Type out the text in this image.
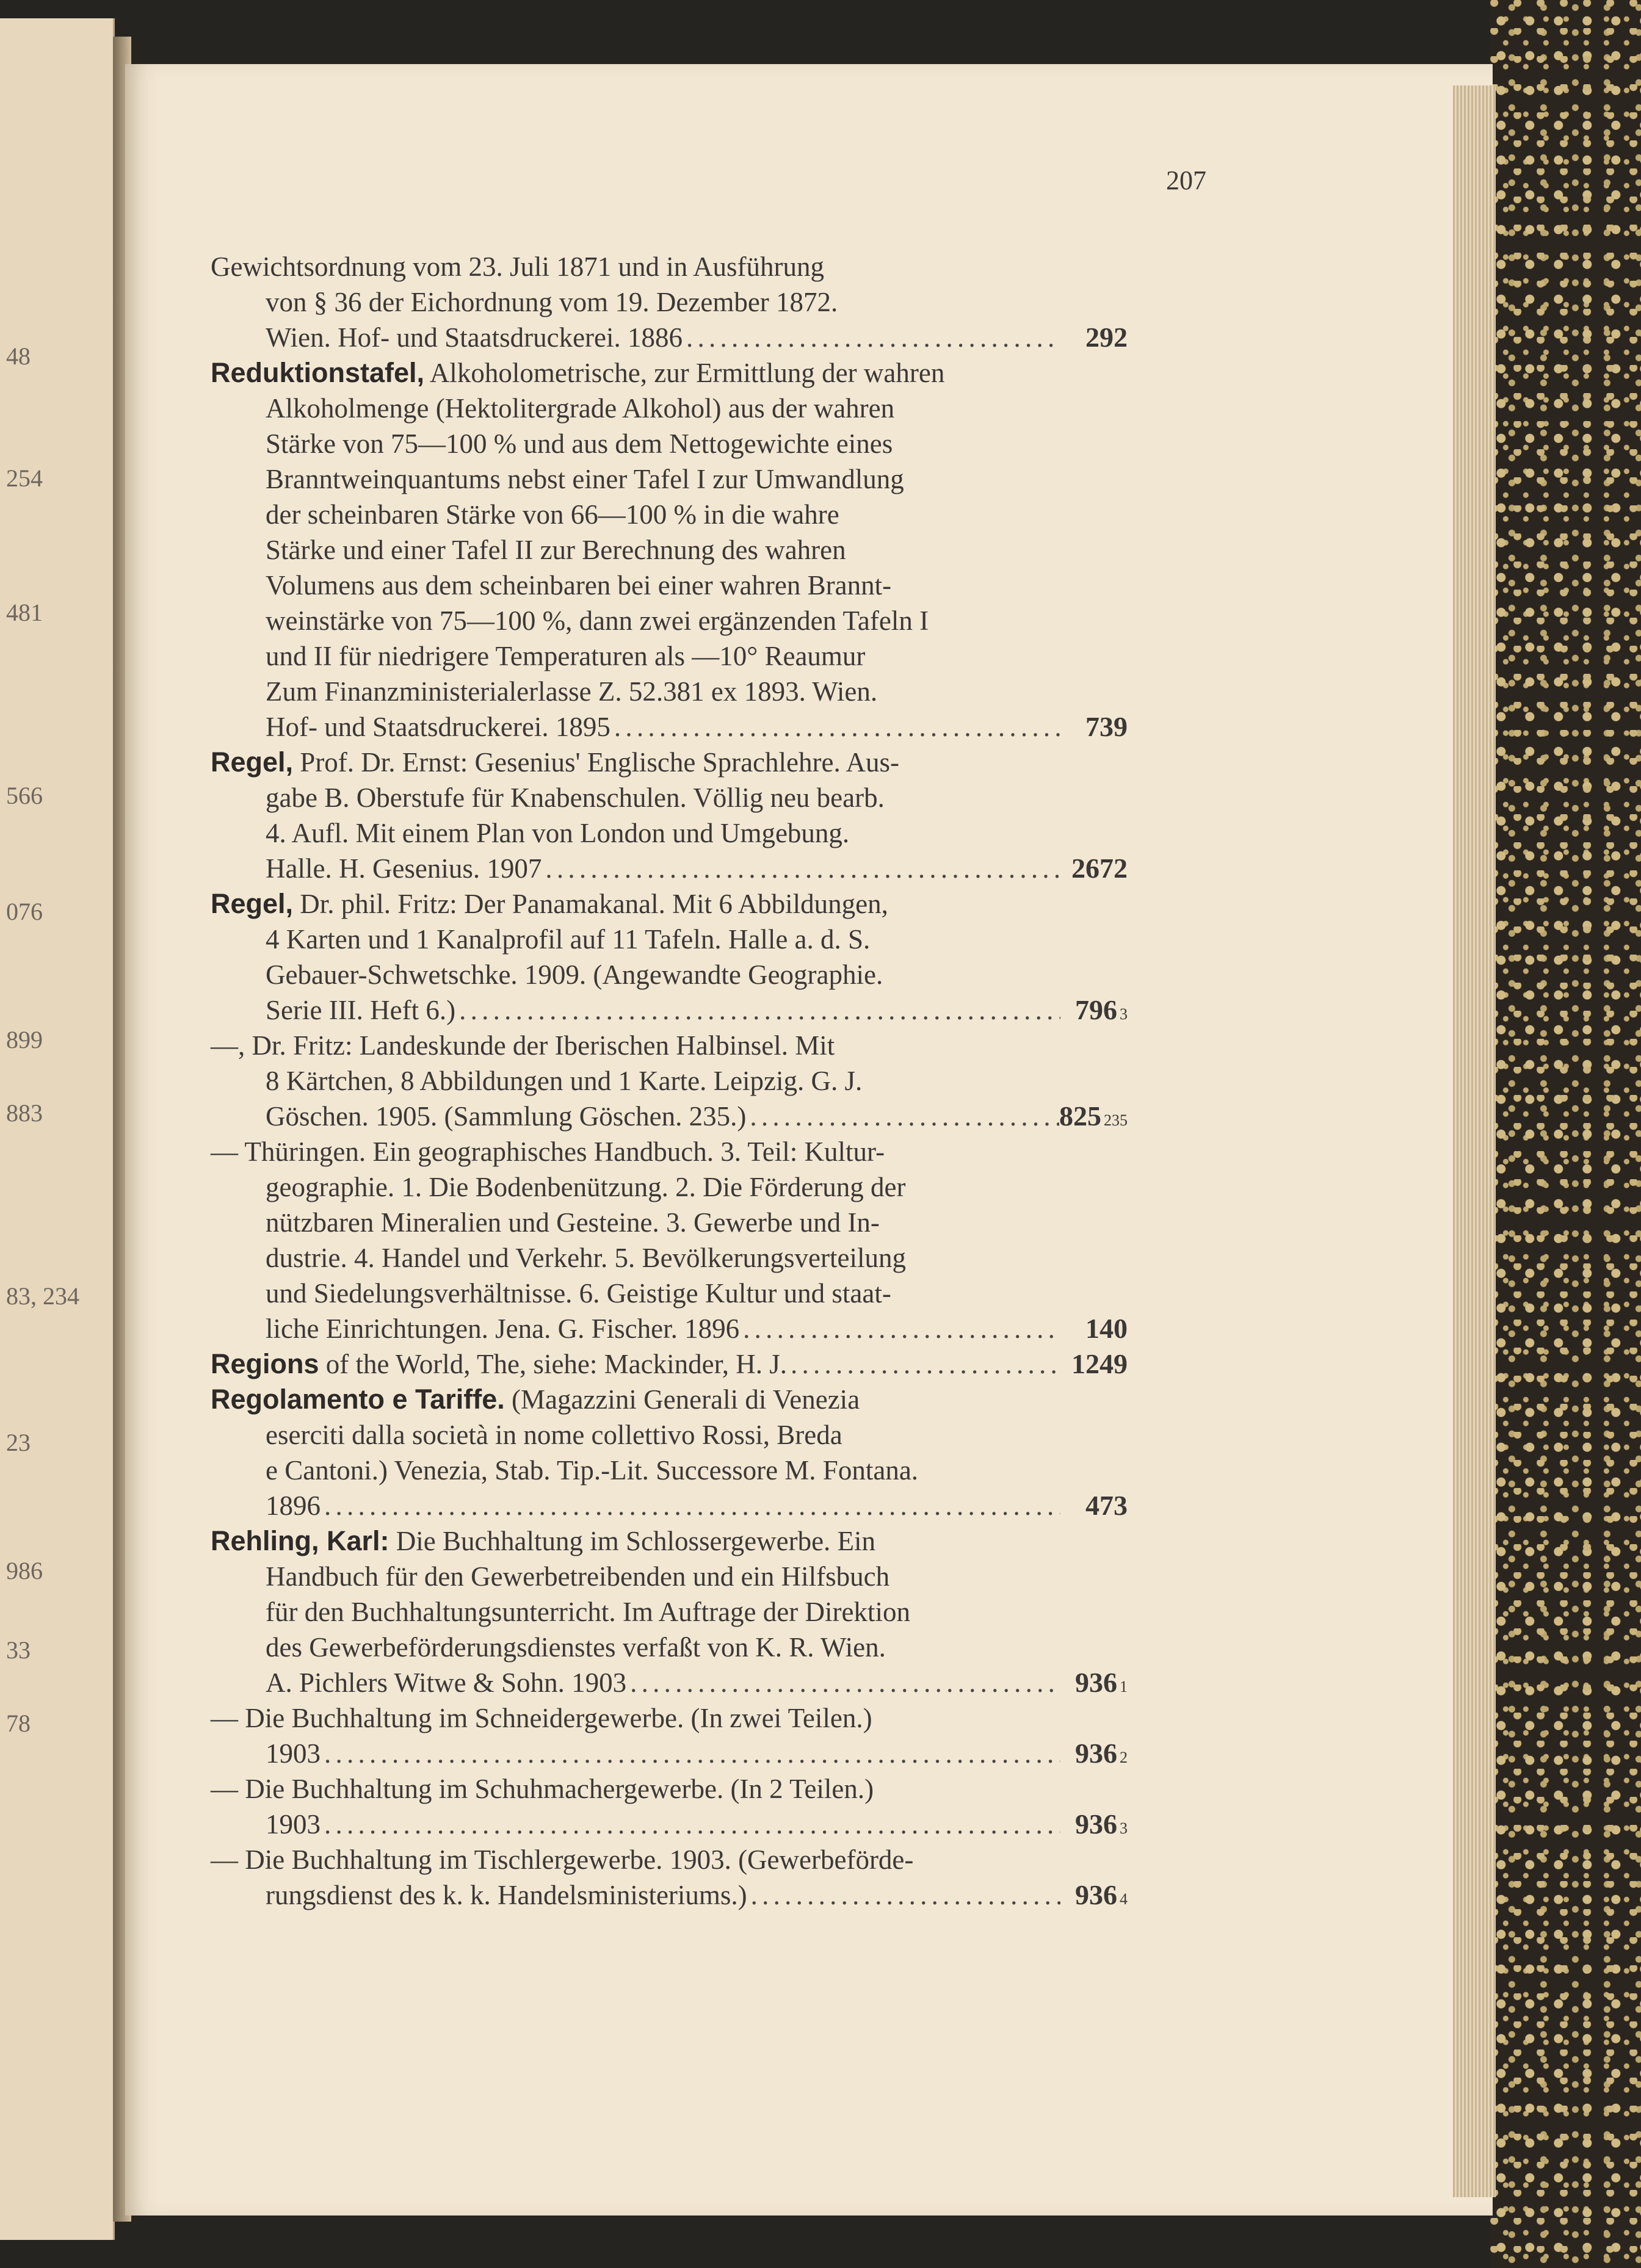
48
254
481
566
076
899
883
83, 234
23
986
33
78
207
Gewichtsordnung vom 23. Juli 1871 und in Ausführung
von § 36 der Eichordnung vom 19. Dezember 1872.
Wien. Hof- und Staatsdruckerei. 1886 . . .	292
Reduktionstafel, Alkoholometrische, zur Ermittlung der wahren
Alkoholmenge (Hektolitergrade Alkohol) aus der wahren
Stärke von 75—100 % und aus dem Nettogewichte eines
Branntweinquantums nebst einer Tafel I zur Umwandlung
der scheinbaren Stärke von 66—100 % in die wahre
Stärke und einer Tafel II zur Berechnung des wahren
Volumens aus dem scheinbaren bei einer wahren Brannt-
weinstärke von 75—100 %, dann zwei ergänzenden Tafeln I
und II für niedrigere Temperaturen als —10° Reaumur
Zum Finanzministerialerlasse Z. 52.381 ex 1893. Wien.
Hof- und Staatsdruckerei. 1895 . . .	739
Regel, Prof. Dr. Ernst: Gesenius' Englische Sprachlehre. Aus-
gabe B. Oberstufe für Knabenschulen. Völlig neu bearb.
4. Aufl. Mit einem Plan von London und Umgebung.
Halle. H. Gesenius. 1907 . . .	2672
Regel, Dr. phil. Fritz: Der Panamakanal. Mit 6 Abbildungen,
4 Karten und 1 Kanalprofil auf 11 Tafeln. Halle a. d. S.
Gebauer-Schwetschke. 1909. (Angewandte Geographie.
Serie III. Heft 6.) . . .	796 3
—, Dr. Fritz: Landeskunde der Iberischen Halbinsel. Mit
8 Kärtchen, 8 Abbildungen und 1 Karte. Leipzig. G. J.
Göschen. 1905. (Sammlung Göschen. 235.) . . .	825 235
— Thüringen. Ein geographisches Handbuch. 3. Teil: Kultur-
geographie. 1. Die Bodenbenützung. 2. Die Förderung der
nützbaren Mineralien und Gesteine. 3. Gewerbe und In-
dustrie. 4. Handel und Verkehr. 5. Bevölkerungsverteilung
und Siedelungsverhältnisse. 6. Geistige Kultur und staat-
liche Einrichtungen. Jena. G. Fischer. 1896 . . .	140
Regions of the World, The, siehe: Mackinder, H. J. . . .	1249
Regolamento e Tariffe. (Magazzini Generali di Venezia
eserciti dalla società in nome collettivo Rossi, Breda
e Cantoni.) Venezia, Stab. Tip.-Lit. Successore M. Fontana.
1896 . . .	473
Rehling, Karl: Die Buchhaltung im Schlossergewerbe. Ein
Handbuch für den Gewerbetreibenden und ein Hilfsbuch
für den Buchhaltungsunterricht. Im Auftrage der Direktion
des Gewerbeförderungsdienstes verfaßt von K. R. Wien.
A. Pichlers Witwe & Sohn. 1903 . . .	936 1
— Die Buchhaltung im Schneidergewerbe. (In zwei Teilen.)
1903 . . .	936 2
— Die Buchhaltung im Schuhmachergewerbe. (In 2 Teilen.)
1903 . . .	936 3
— Die Buchhaltung im Tischlergewerbe. 1903. (Gewerbeförde-
rungsdienst des k. k. Handelsministeriums.) . . .	936 4
